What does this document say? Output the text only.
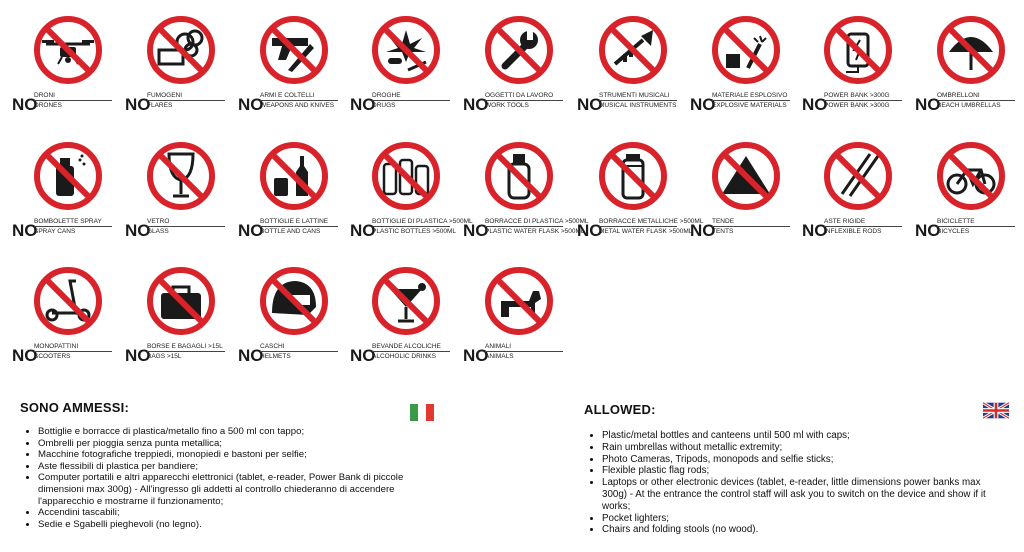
NO
DRONI
DRONES	NO
FUMOGENI
FLARES	NO
ARMI E COLTELLI
WEAPONS AND KNIVES NO
DROGHE
DRUGS	NO
OGGETTI DA LAVORO
WORK TOOLS	NO
STRUMENTI MUSICALI
MUSICAL INSTRUMENTS NO
MATERIALE ESPLOSIVO
EXPLOSIVE MATERIALS NO
POWER BANK >300G
POWER BANK >300G NO
OMBRELLONI
BEACH UMBRELLAS
NO
BOMBOLETTE SPRAY
SPRAY CANS	NO
VETRO
GLASS	NO
BOTTIGLIE E LATTINE
BOTTLE AND CANS NO
BOTTIGLIE DI PLASTICA >500ML
PLASTIC BOTTLES >500ML NO
BORRACCE DI PLASTICA >500ML
PLASTIC WATER FLASK >500ML
NO
BORRACCE METALLICHE >500ML
METAL WATER FLASK >500ML
NO
TENDE
TENTS	NO
ASTE RIGIDE
INFLEXIBLE RODS NO
BICICLETTE
BICYCLES
NO
MONOPATTINI
SCOOTERS	NO
BORSE E BAGAGLI >15L
BAGS >15L	NO
CASCHI
HELMETS	NO
BEVANDE ALCOLICHE
ALCOHOLIC DRINKS NO
ANIMALI
ANIMALS
SONO AMMESSI:
• Bottiglie e borracce di plastica/metallo fino a 500 ml con tappo;
• Ombrelli per pioggia senza punta metallica;
• Macchine fotografiche treppiedi, monopiedi e bastoni per selfie;
• Aste flessibili di plastica per bandiere;
• Computer portatili e altri apparecchi elettronici (tablet, e-reader, Power Bank di piccole dimensioni max 300g) - All'ingresso gli addetti al controllo chiederanno di accendere l'apparecchio e mostrarne il funzionamento;
• Accendini tascabili;
• Sedie e Sgabelli pieghevoli (no legno).
ALLOWED:
• Plastic/metal bottles and canteens until 500 ml with caps;
• Rain umbrellas without metallic extremity;
• Photo Cameras, Tripods, monopods and selfie sticks;
• Flexible plastic flag rods;
• Laptops or other electronic devices (tablet, e-reader, little dimensions power banks max 300g) - At the entrance the control staff will ask you to switch on the device and show if it works;
• Pocket lighters;
• Chairs and folding stools (no wood).
